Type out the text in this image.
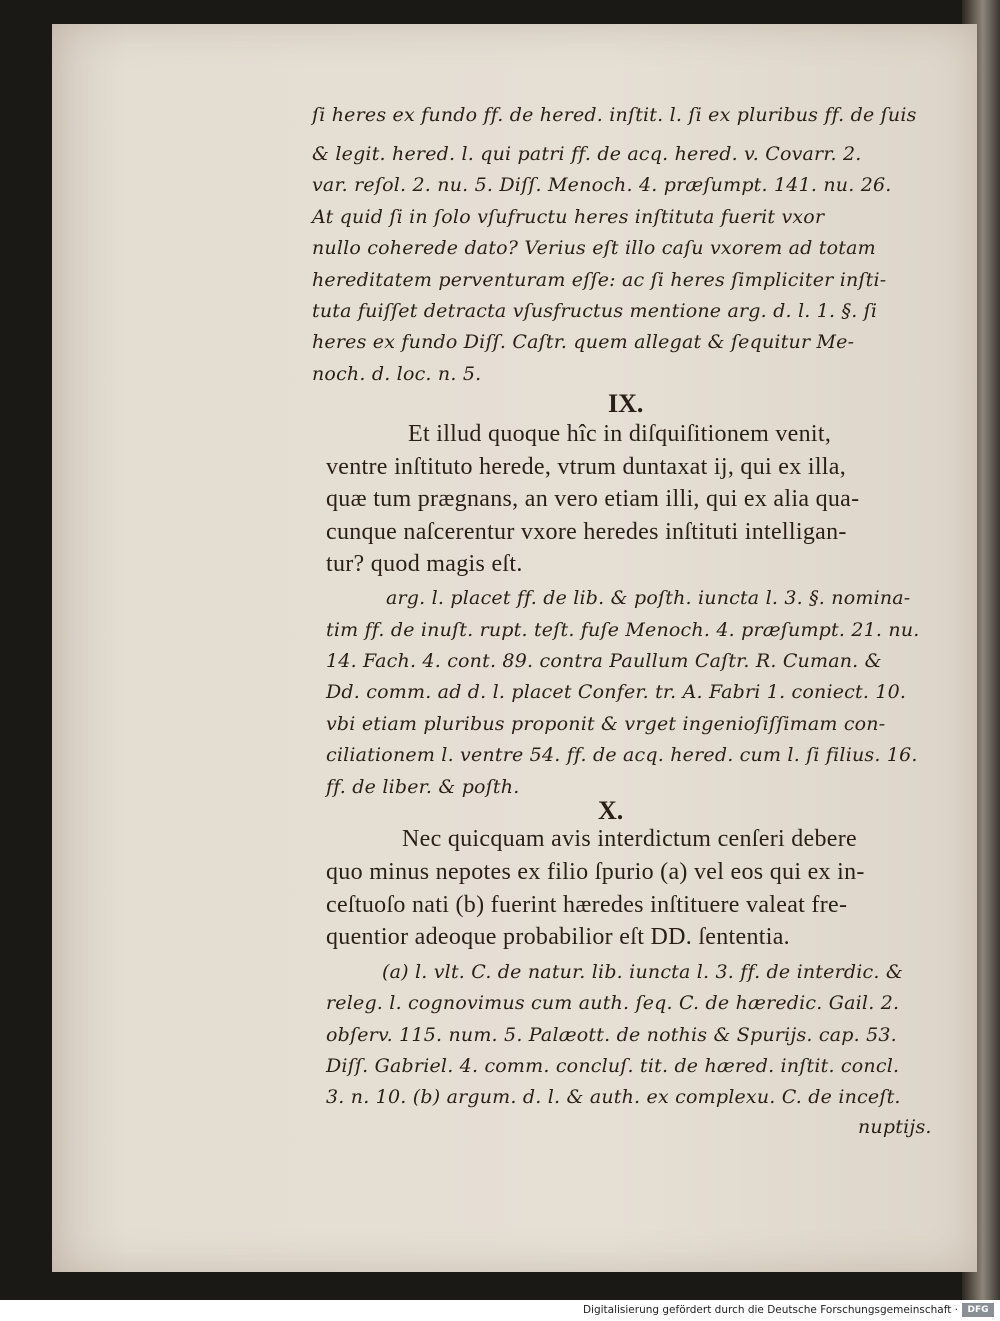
ſi heres ex fundo ff. de hered. inſtit. l. ſi ex pluribus ff. de ſuis
& legit. hered. l. qui patri ff. de acq. hered. v. Covarr. 2.
var. reſol. 2. nu. 5. Diſſ. Menoch. 4. præſumpt. 141. nu. 26.
At quid ſi in ſolo vſufructu heres inſtituta fuerit vxor
nullo coherede dato? Verius eſt illo caſu vxorem ad totam
hereditatem perventuram eſſe: ac ſi heres ſimpliciter inſti-
tuta fuiſſet detracta vſusfructus mentione arg. d. l. 1. §. ſi
heres ex fundo Diſſ. Caſtr. quem allegat & ſequitur Me-
noch. d. loc. n. 5.
IX.
Et illud quoque hîc in diſquiſitionem venit,
ventre inſtituto herede, vtrum duntaxat ij, qui ex illa,
quæ tum prægnans, an vero etiam illi, qui ex alia qua-
cunque naſcerentur vxore heredes inſtituti intelligan-
tur? quod magis eſt.
arg. l. placet ff. de lib. & poſth. iuncta l. 3. §. nomina-
tim ff. de inuſt. rupt. teſt. fuſe Menoch. 4. præſumpt. 21. nu.
14. Fach. 4. cont. 89. contra Paullum Caſtr. R. Cuman. &
Dd. comm. ad d. l. placet Confer. tr. A. Fabri 1. coniect. 10.
vbi etiam pluribus proponit & vrget ingenioſiſſimam con-
ciliationem l. ventre 54. ff. de acq. hered. cum l. ſi filius. 16.
ff. de liber. & poſth.
X.
Nec quicquam avis interdictum cenſeri debere
quo minus nepotes ex filio ſpurio (a) vel eos qui ex in-
ceſtuoſo nati (b) fuerint hæredes inſtituere valeat fre-
quentior adeoque probabilior eſt DD. ſententia.
(a) l. vlt. C. de natur. lib. iuncta l. 3. ff. de interdic. &
releg. l. cognovimus cum auth. ſeq. C. de hæredic. Gail. 2.
obſerv. 115. num. 5. Palæott. de nothis & Spurijs. cap. 53.
Diſſ. Gabriel. 4. comm. concluſ. tit. de hæred. inſtit. concl.
3. n. 10. (b) argum. d. l. & auth. ex complexu. C. de inceſt.
nuptijs.
Digitalisierung gefördert durch die Deutsche Forschungsgemeinschaft ·	DFG
